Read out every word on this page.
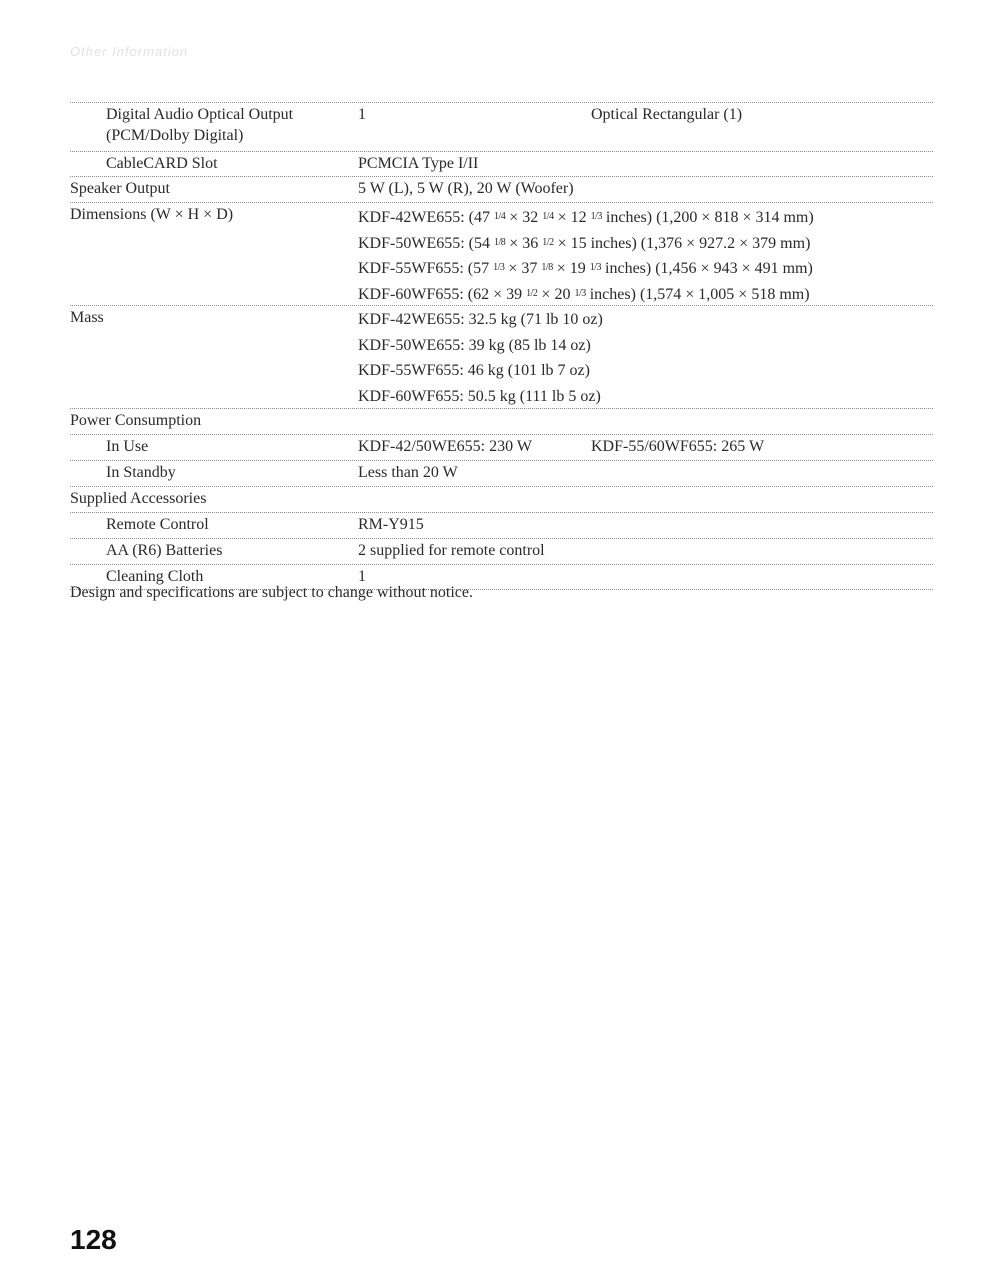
Other Information
Digital Audio Optical Output
(PCM/Dolby Digital)
1	Optical Rectangular (1)
CableCARD Slot	PCMCIA Type I/II
Speaker Output	5 W (L), 5 W (R), 20 W (Woofer)
Dimensions (W × H × D)	KDF-42WE655: (47 1/4 × 32 1/4 × 12 1/3 inches) (1,200 × 818 × 314 mm)
KDF-50WE655: (54 1/8 × 36 1/2 × 15 inches) (1,376 × 927.2 × 379 mm)
KDF-55WF655: (57 1/3 × 37 1/8 × 19 1/3 inches) (1,456 × 943 × 491 mm)
KDF-60WF655: (62 × 39 1/2 × 20 1/3 inches) (1,574 × 1,005 × 518 mm)
Mass	KDF-42WE655: 32.5 kg (71 lb 10 oz)
KDF-50WE655: 39 kg (85 lb 14 oz)
KDF-55WF655: 46 kg (101 lb 7 oz)
KDF-60WF655: 50.5 kg (111 lb 5 oz)
Power Consumption
In Use	KDF-42/50WE655: 230 W	KDF-55/60WF655: 265 W
In Standby	Less than 20 W
Supplied Accessories
Remote Control	RM-Y915
AA (R6) Batteries	2 supplied for remote control
Cleaning Cloth	1
Design and specifications are subject to change without notice.
128
